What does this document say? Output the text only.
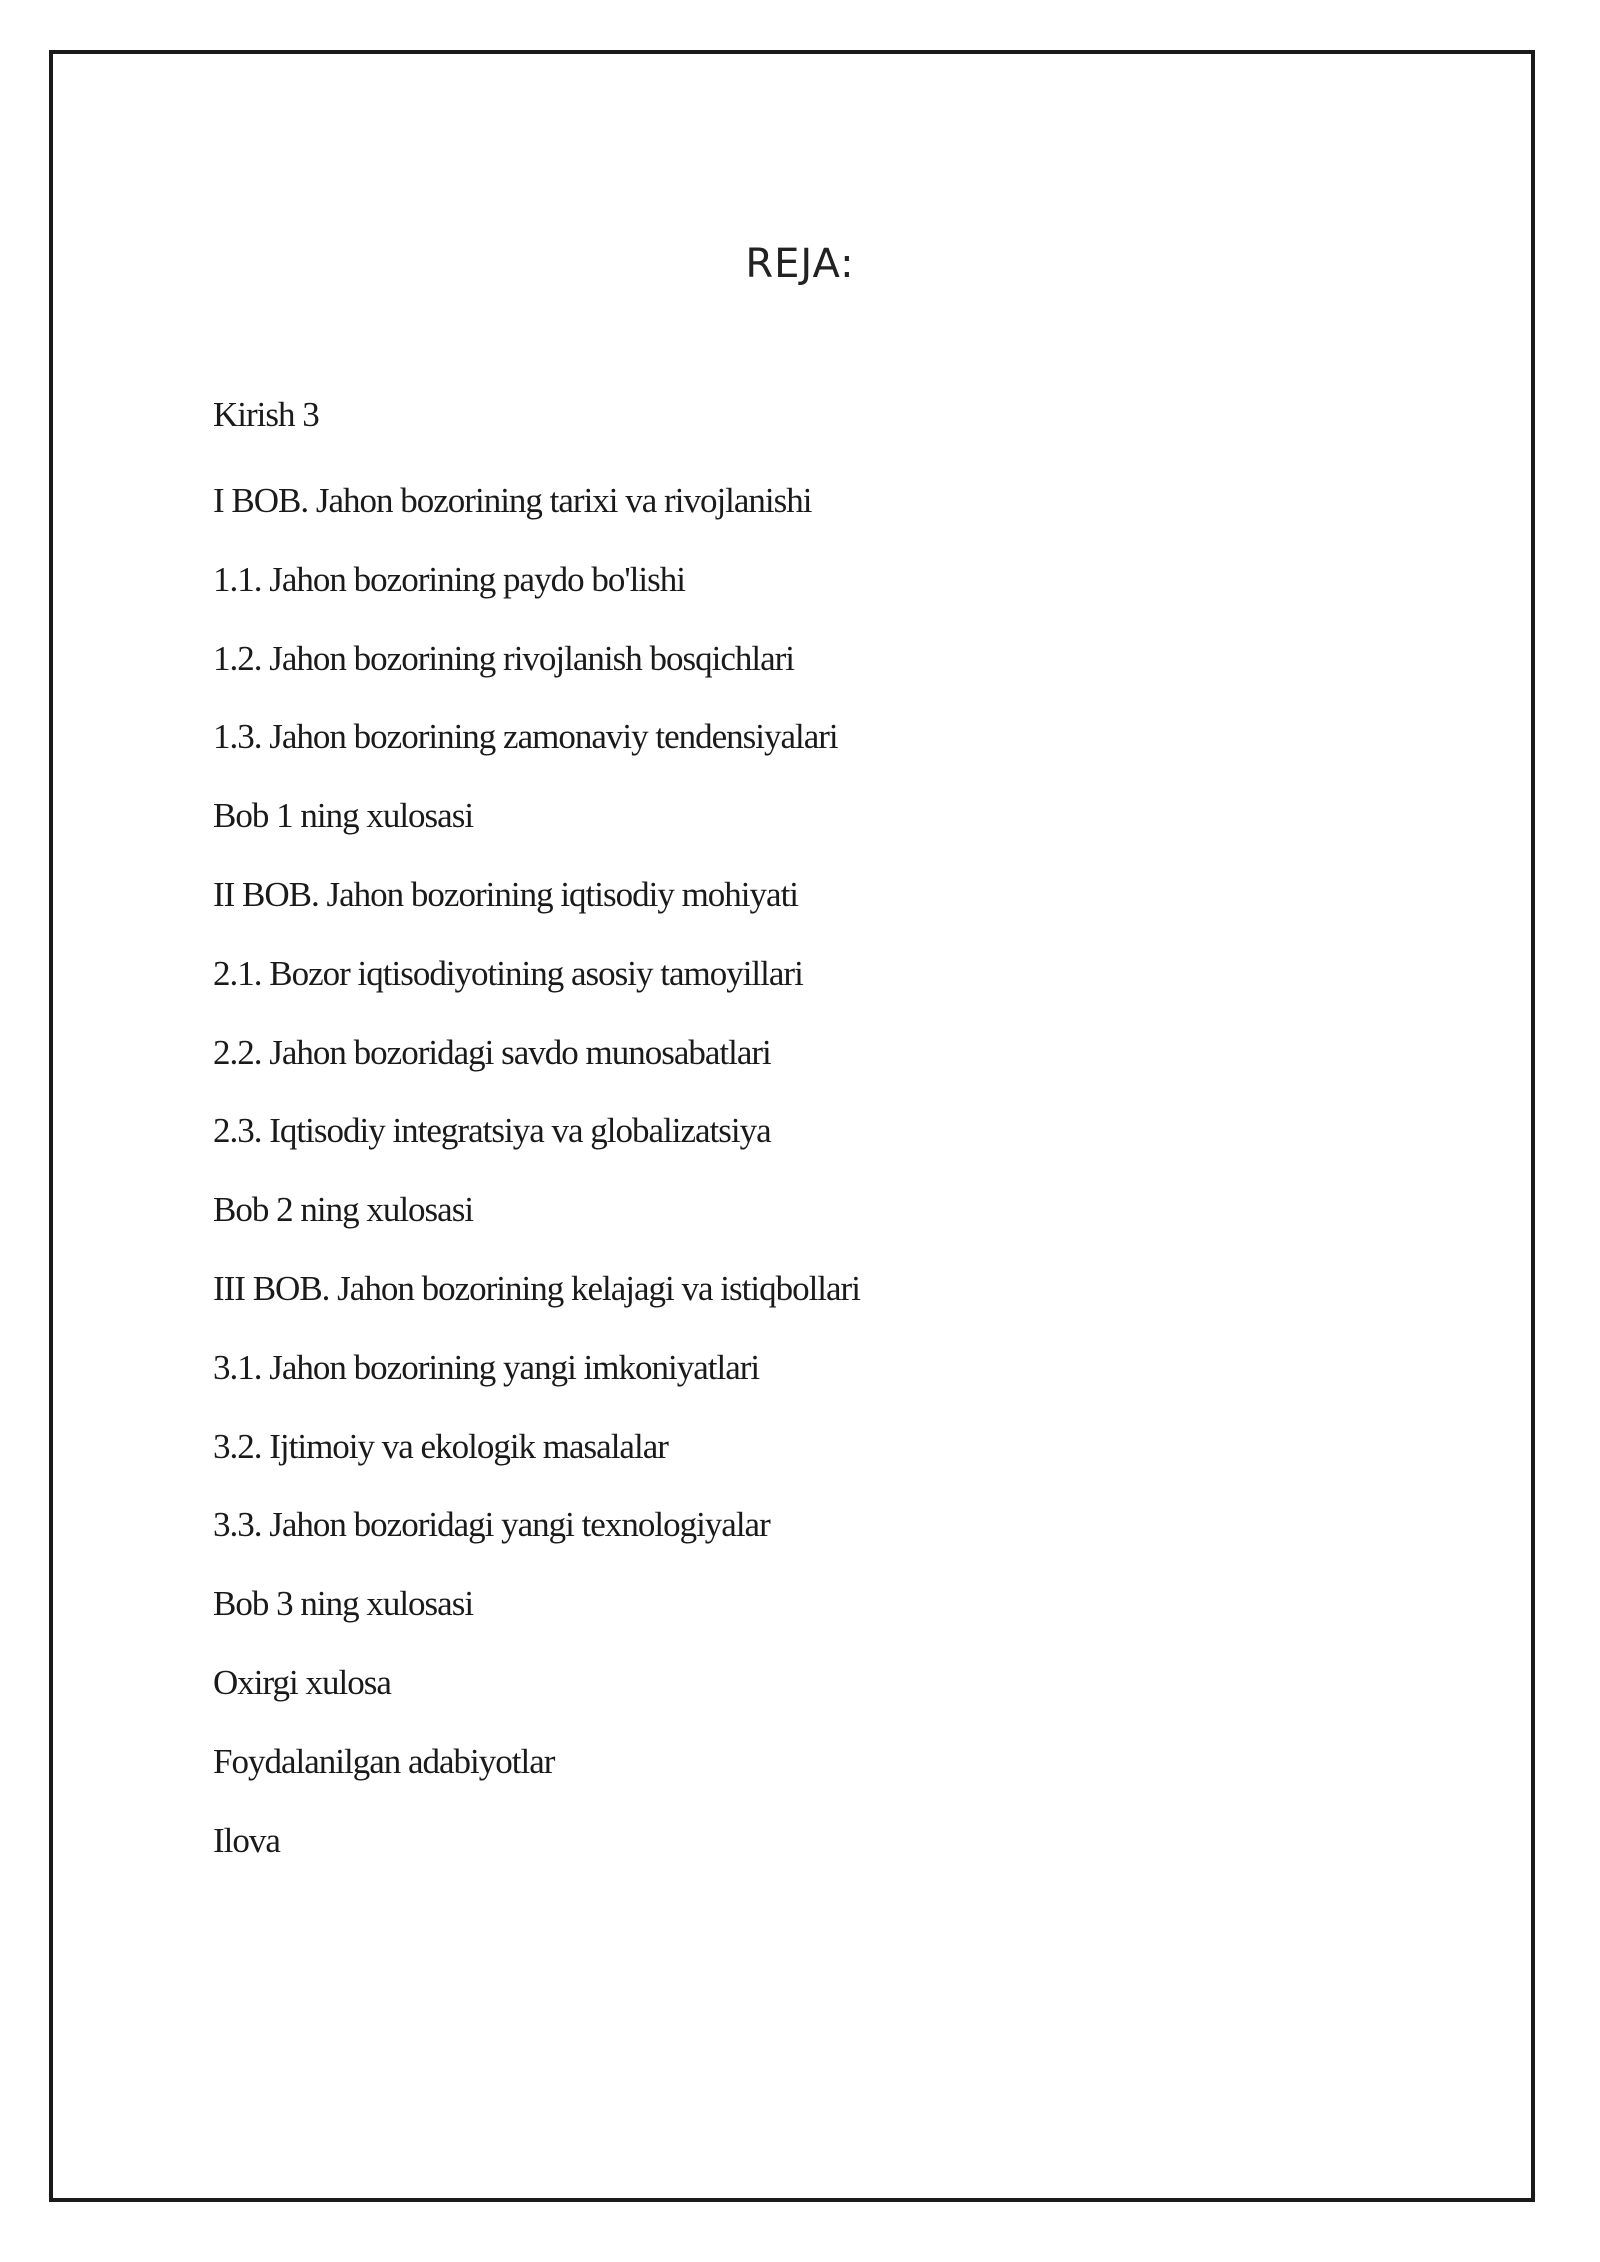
REJA:
Kirish 3
I BOB. Jahon bozorining tarixi va rivojlanishi
1.1. Jahon bozorining paydo bo'lishi
1.2. Jahon bozorining rivojlanish bosqichlari
1.3. Jahon bozorining zamonaviy tendensiyalari
Bob 1 ning xulosasi
II BOB. Jahon bozorining iqtisodiy mohiyati
2.1. Bozor iqtisodiyotining asosiy tamoyillari
2.2. Jahon bozoridagi savdo munosabatlari
2.3. Iqtisodiy integratsiya va globalizatsiya
Bob 2 ning xulosasi
III BOB. Jahon bozorining kelajagi va istiqbollari
3.1. Jahon bozorining yangi imkoniyatlari
3.2. Ijtimoiy va ekologik masalalar
3.3. Jahon bozoridagi yangi texnologiyalar
Bob 3 ning xulosasi
Oxirgi xulosa
Foydalanilgan adabiyotlar
Ilova
